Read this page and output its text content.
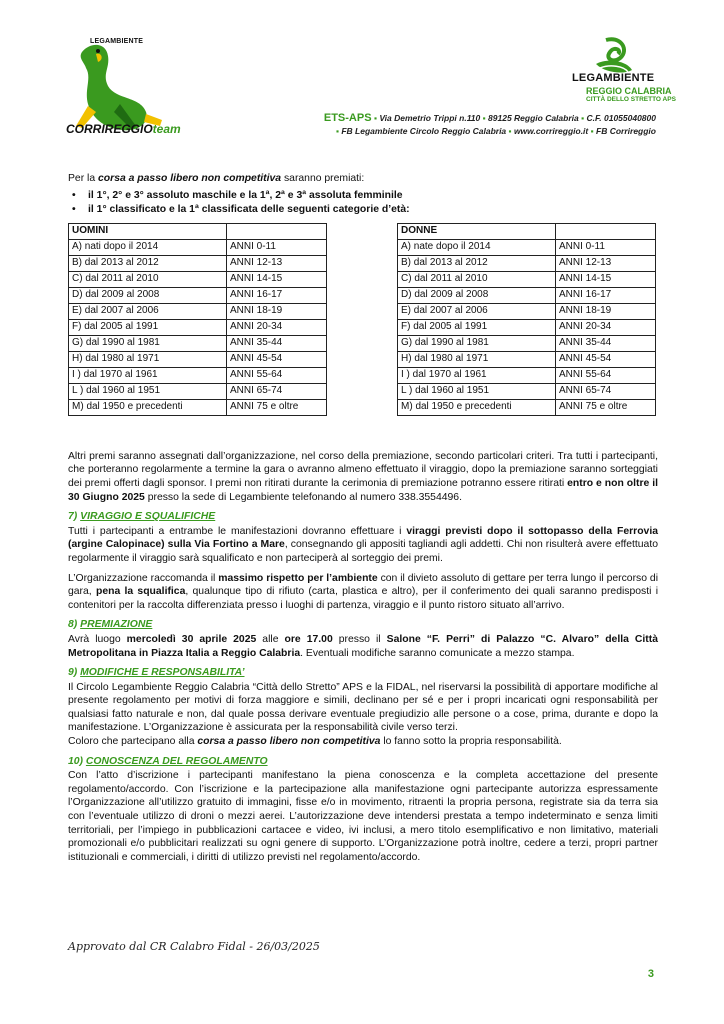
LEGAMBIENTE
CORRIREGGIOteam
LEGAMBIENTE
REGGIO CALABRIA
CITTÀ DELLO STRETTO APS
ETS-APS ▪ Via Demetrio Trippi n.110 ▪ 89125 Reggio Calabria ▪ C.F. 01055040800
▪ FB Legambiente Circolo Reggio Calabria ▪ www.corrireggio.it ▪ FB Corrireggio

Per la corsa a passo libero non competitiva saranno premiati:

• il 1°, 2° e 3° assoluto maschile e la 1ª, 2ª e 3ª assoluta femminile
• il 1° classificato e la 1ª classificata delle seguenti categorie d’età:
UOMINI	
A) nati dopo il 2014	ANNI 0-11
B) dal 2013 al 2012	ANNI 12-13
C) dal 2011 al 2010	ANNI 14-15
D) dal 2009 al 2008	ANNI 16-17
E) dal 2007 al 2006	ANNI 18-19
F) dal 2005 al 1991	ANNI 20-34
G) dal 1990 al 1981	ANNI 35-44
H) dal 1980 al 1971	ANNI 45-54
I ) dal 1970 al 1961	ANNI 55-64
L ) dal 1960 al 1951	ANNI 65-74
M) dal 1950 e precedenti	ANNI 75 e oltre
DONNE	
A) nate dopo il 2014	ANNI 0-11
B) dal 2013 al 2012	ANNI 12-13
C) dal 2011 al 2010	ANNI 14-15
D) dal 2009 al 2008	ANNI 16-17
E) dal 2007 al 2006	ANNI 18-19
F) dal 2005 al 1991	ANNI 20-34
G) dal 1990 al 1981	ANNI 35-44
H) dal 1980 al 1971	ANNI 45-54
I ) dal 1970 al 1961	ANNI 55-64
L ) dal 1960 al 1951	ANNI 65-74
M) dal 1950 e precedenti	ANNI 75 e oltre

Altri premi saranno assegnati dall’organizzazione, nel corso della premiazione, secondo particolari criteri. Tra tutti i partecipanti, che porteranno regolarmente a termine la gara o avranno almeno effettuato il viraggio, dopo la premiazione saranno sorteggiati dei premi offerti dagli sponsor. I premi non ritirati durante la cerimonia di premiazione potranno essere ritirati entro e non oltre il 30 Giugno 2025 presso la sede di Legambiente telefonando al numero 338.3554496.

7) VIRAGGIO E SQUALIFICHE

Tutti i partecipanti a entrambe le manifestazioni dovranno effettuare i viraggi previsti dopo il sottopasso della Ferrovia (argine Calopinace) sulla Via Fortino a Mare, consegnando gli appositi tagliandi agli addetti. Chi non risulterà avere effettuato regolarmente il viraggio sarà squalificato e non parteciperà al sorteggio dei premi.

L’Organizzazione raccomanda il massimo rispetto per l’ambiente con il divieto assoluto di gettare per terra lungo il percorso di gara, pena la squalifica, qualunque tipo di rifiuto (carta, plastica e altro), per il conferimento dei quali saranno predisposti i contenitori per la raccolta differenziata presso i luoghi di partenza, viraggio e il punto ristoro situato all’arrivo.

8) PREMIAZIONE

Avrà luogo mercoledì 30 aprile 2025 alle ore 17.00 presso il Salone “F. Perri” di Palazzo “C. Alvaro” della Città Metropolitana in Piazza Italia a Reggio Calabria. Eventuali modifiche saranno comunicate a mezzo stampa.

9) MODIFICHE E RESPONSABILITA’

Il Circolo Legambiente Reggio Calabria “Città dello Stretto” APS e la FIDAL, nel riservarsi la possibilità di apportare modifiche al presente regolamento per motivi di forza maggiore e simili, declinano per sé e per i propri incaricati ogni responsabilità per qualsiasi fatto naturale e non, dal quale possa derivare eventuale pregiudizio alle persone o a cose, prima, durante e dopo la manifestazione. L’Organizzazione è assicurata per la responsabilità civile verso terzi.

Coloro che partecipano alla corsa a passo libero non competitiva lo fanno sotto la propria responsabilità.

10) CONOSCENZA DEL REGOLAMENTO

Con l’atto d’iscrizione i partecipanti manifestano la piena conoscenza e la completa accettazione del presente regolamento/accordo. Con l’iscrizione e la partecipazione alla manifestazione ogni partecipante autorizza espressamente l’Organizzazione all’utilizzo gratuito di immagini, fisse e/o in movimento, ritraenti la propria persona, registrate sia da terra sia con l’eventuale utilizzo di droni o mezzi aerei. L’autorizzazione deve intendersi prestata a tempo indeterminato e senza limiti territoriali, per l’impiego in pubblicazioni cartacee e video, ivi inclusi, a mero titolo esemplificativo e non limitativo, materiali promozionali e/o pubblicitari realizzati su ogni genere di supporto. L’Organizzazione potrà inoltre, cedere a terzi, propri partner istituzionali e commerciali, i diritti di utilizzo previsti nel regolamento/accordo.

Approvato dal CR Calabro Fidal - 26/03/2025
3
